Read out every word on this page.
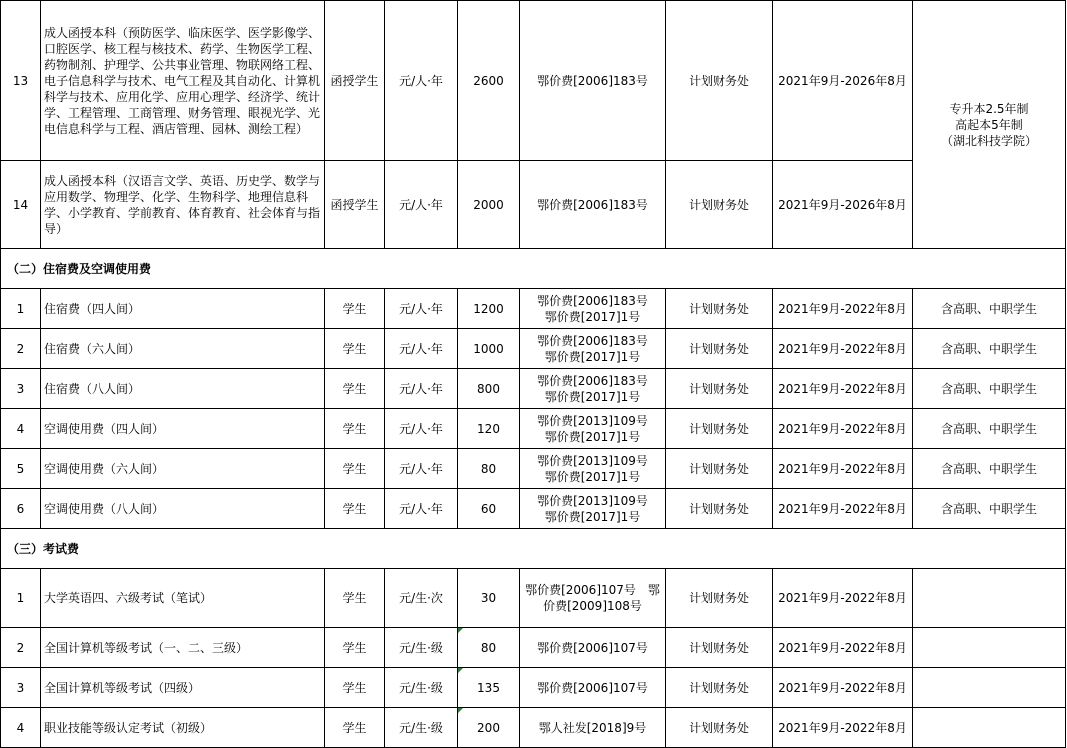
13	成人函授本科（预防医学、临床医学、医学影像学、口腔医学、核工程与核技术、药学、生物医学工程、药物制剂、护理学、公共事业管理、物联网络工程、电子信息科学与技术、电气工程及其自动化、计算机科学与技术、应用化学、应用心理学、经济学、统计学、工程管理、工商管理、财务管理、眼视光学、光电信息科学与工程、酒店管理、园林、测绘工程）	函授学生	元/人·年	2600	鄂价费[2006]183号	计划财务处	2021年9月-2026年8月	专升本2.5年制
高起本5年制
（湖北科技学院）

14	成人函授本科（汉语言文学、英语、历史学、数学与应用数学、物理学、化学、生物科学、地理信息科学、小学教育、学前教育、体育教育、社会体育与指导）	函授学生	元/人·年	2000	鄂价费[2006]183号	计划财务处	2021年9月-2026年8月	
（二）住宿费及空调使用费								
1	住宿费（四人间）	学生	元/人·年	1200	鄂价费[2006]183号
鄂价费[2017]1号	计划财务处	2021年9月-2022年8月	含高职、中职学生
2	住宿费（六人间）	学生	元/人·年	1000	鄂价费[2006]183号
鄂价费[2017]1号	计划财务处	2021年9月-2022年8月	含高职、中职学生
3	住宿费（八人间）	学生	元/人·年	800	鄂价费[2006]183号
鄂价费[2017]1号	计划财务处	2021年9月-2022年8月	含高职、中职学生
4	空调使用费（四人间）	学生	元/人·年	120	鄂价费[2013]109号
鄂价费[2017]1号	计划财务处	2021年9月-2022年8月	含高职、中职学生
5	空调使用费（六人间）	学生	元/人·年	80	鄂价费[2013]109号
鄂价费[2017]1号	计划财务处	2021年9月-2022年8月	含高职、中职学生
6	空调使用费（八人间）	学生	元/人·年	60	鄂价费[2013]109号
鄂价费[2017]1号	计划财务处	2021年9月-2022年8月	含高职、中职学生
（三）考试费								
1	大学英语四、六级考试（笔试）	学生	元/生·次	30	鄂价费[2006]107号　鄂
价费[2009]108号	计划财务处	2021年9月-2022年8月	
2	全国计算机等级考试（一、二、三级）	学生	元/生·级	80	鄂价费[2006]107号	计划财务处	2021年9月-2022年8月	
3	全国计算机等级考试（四级）	学生	元/生·级	135	鄂价费[2006]107号	计划财务处	2021年9月-2022年8月	
4	职业技能等级认定考试（初级）	学生	元/生·级	200	鄂人社发[2018]9号	计划财务处	2021年9月-2022年8月	
